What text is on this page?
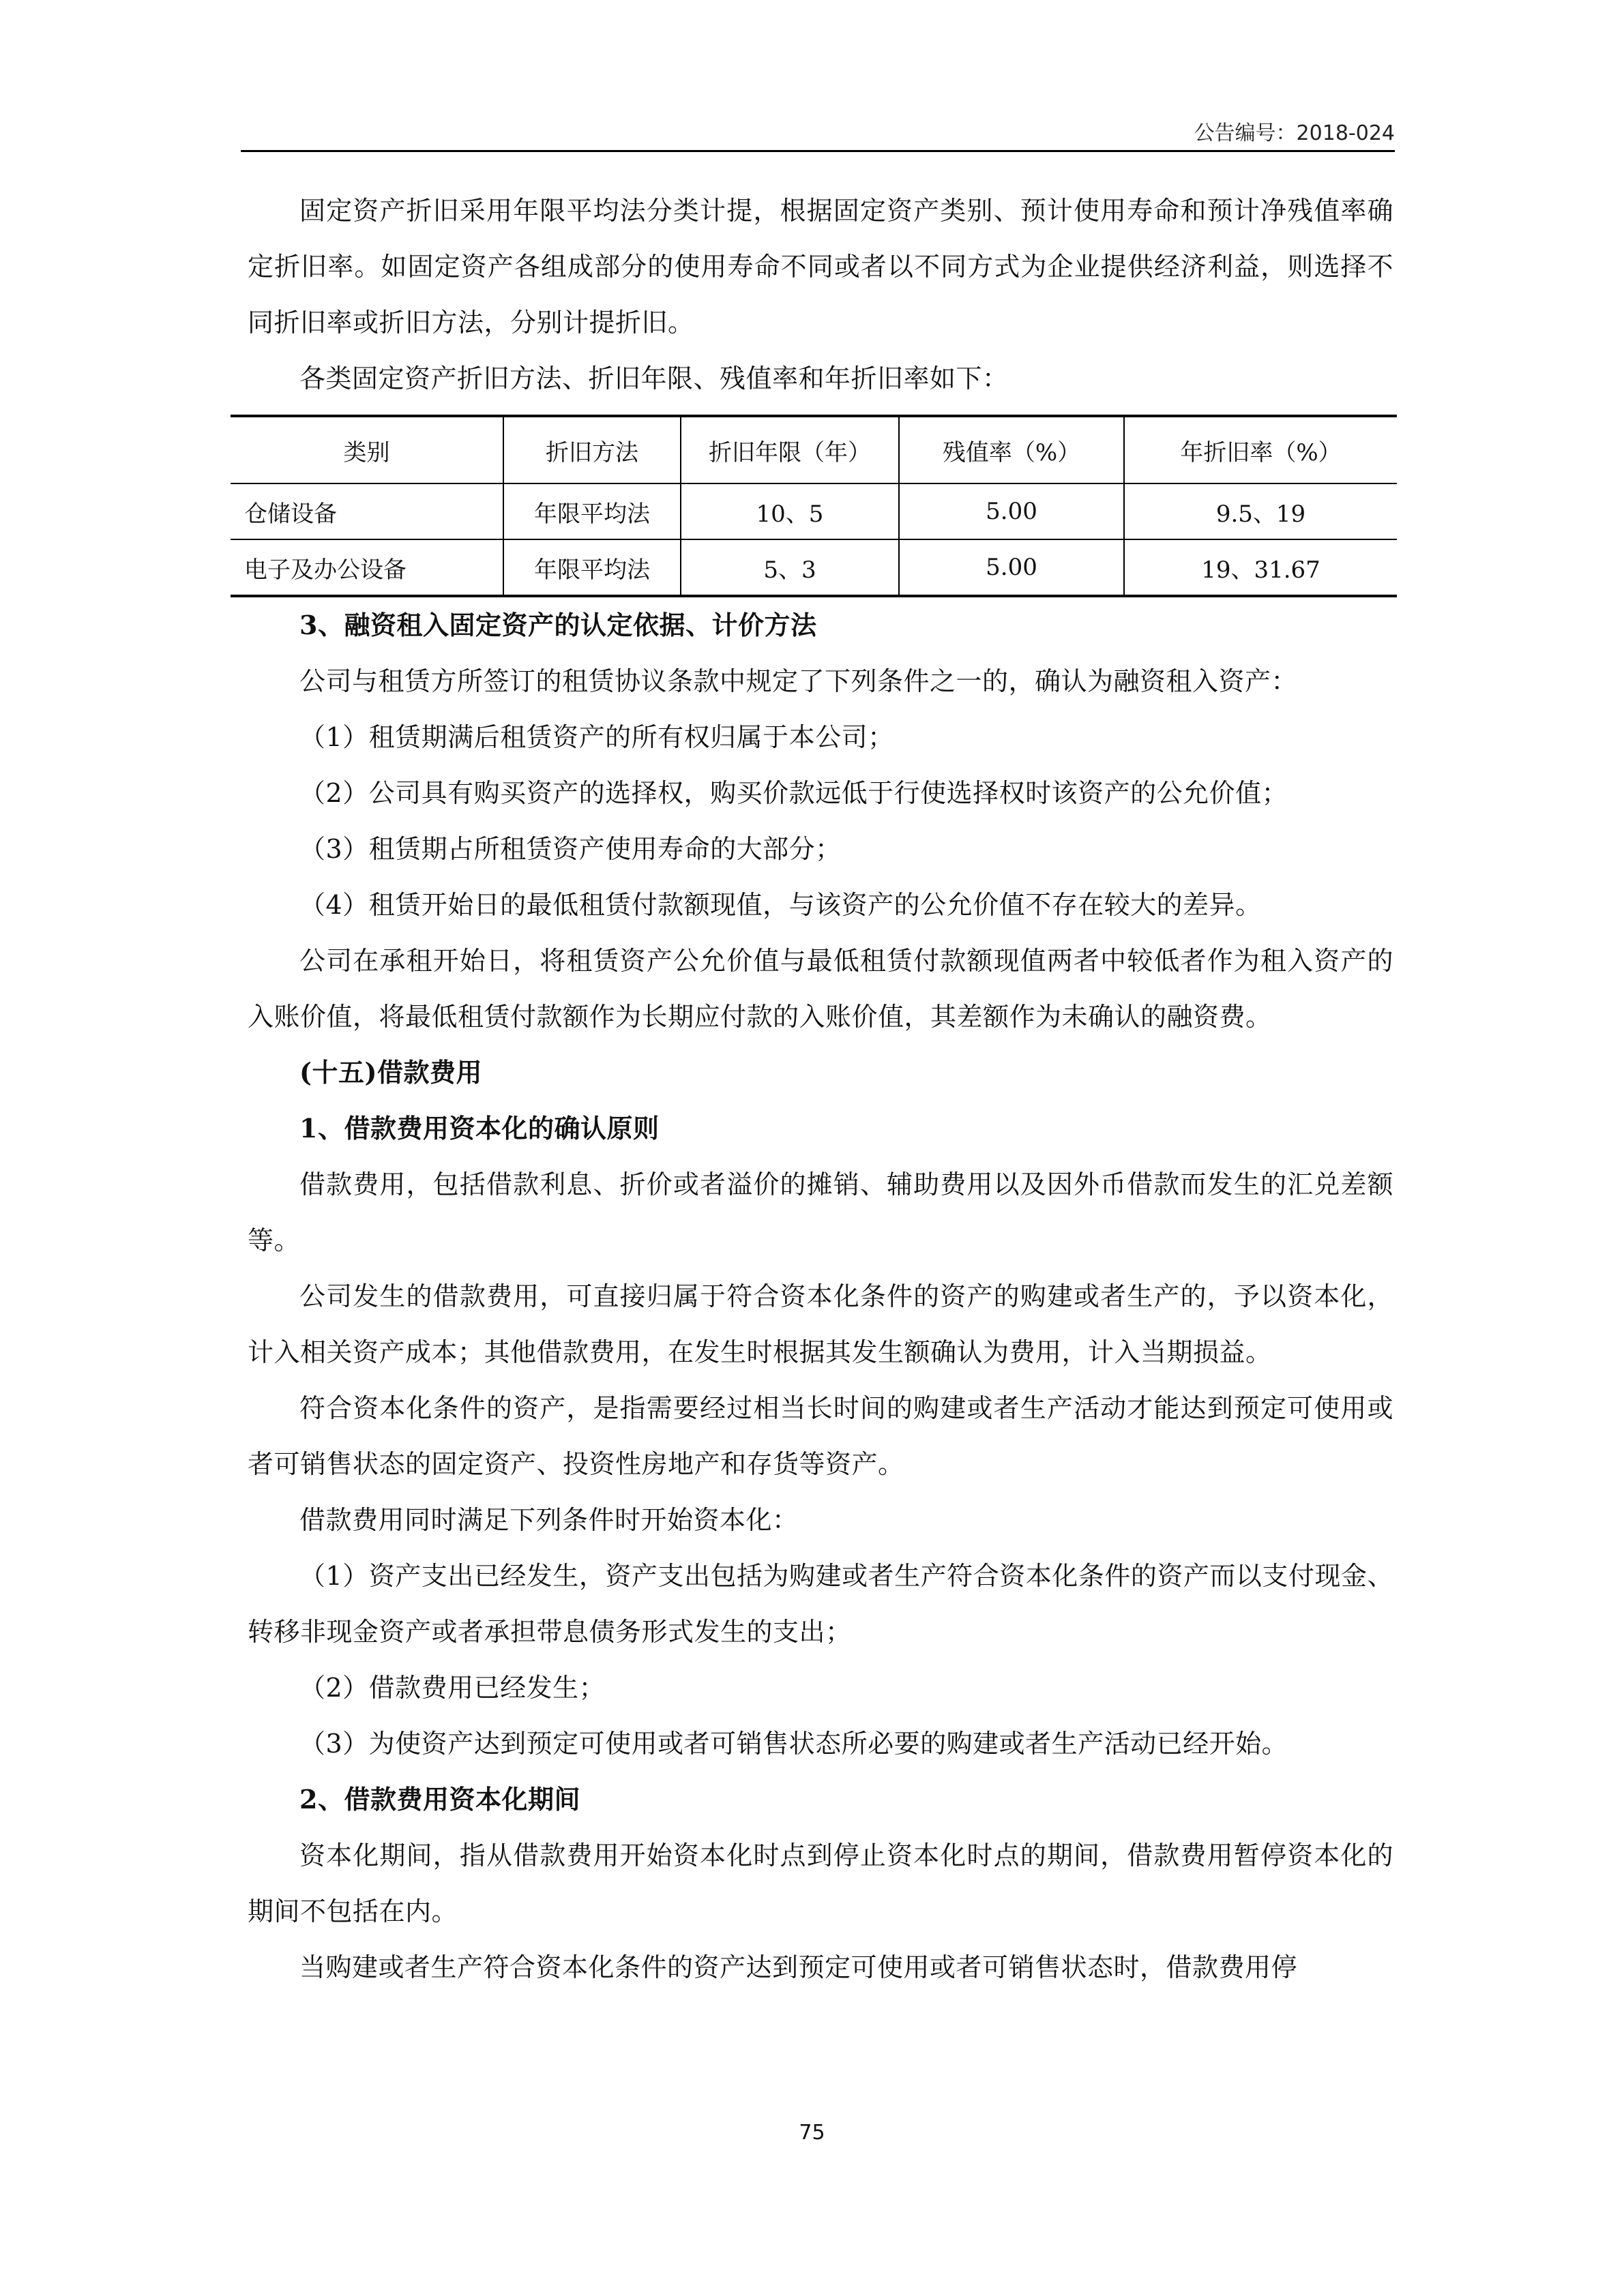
公告编号：2018-024

固定资产折旧采用年限平均法分类计提，根据固定资产类别、预计使用寿命和预计净残值率确定折旧率。如固定资产各组成部分的使用寿命不同或者以不同方式为企业提供经济利益，则选择不同折旧率或折旧方法，分别计提折旧。

各类固定资产折旧方法、折旧年限、残值率和年折旧率如下：

类别	折旧方法	折旧年限（年）	残值率（%）	年折旧率（%）
仓储设备	年限平均法	10、5	5.00	9.5、19
电子及办公设备	年限平均法	5、3	5.00	19、31.67

3、融资租入固定资产的认定依据、计价方法

公司与租赁方所签订的租赁协议条款中规定了下列条件之一的，确认为融资租入资产：

（1）租赁期满后租赁资产的所有权归属于本公司；

（2）公司具有购买资产的选择权，购买价款远低于行使选择权时该资产的公允价值；

（3）租赁期占所租赁资产使用寿命的大部分；

（4）租赁开始日的最低租赁付款额现值，与该资产的公允价值不存在较大的差异。

公司在承租开始日，将租赁资产公允价值与最低租赁付款额现值两者中较低者作为租入资产的入账价值，将最低租赁付款额作为长期应付款的入账价值，其差额作为未确认的融资费。

(十五)借款费用

1、借款费用资本化的确认原则

借款费用，包括借款利息、折价或者溢价的摊销、辅助费用以及因外币借款而发生的汇兑差额等。

公司发生的借款费用，可直接归属于符合资本化条件的资产的购建或者生产的，予以资本化，计入相关资产成本；其他借款费用，在发生时根据其发生额确认为费用，计入当期损益。

符合资本化条件的资产，是指需要经过相当长时间的购建或者生产活动才能达到预定可使用或者可销售状态的固定资产、投资性房地产和存货等资产。

借款费用同时满足下列条件时开始资本化：

（1）资产支出已经发生，资产支出包括为购建或者生产符合资本化条件的资产而以支付现金、转移非现金资产或者承担带息债务形式发生的支出；

（2）借款费用已经发生；

（3）为使资产达到预定可使用或者可销售状态所必要的购建或者生产活动已经开始。

2、借款费用资本化期间

资本化期间，指从借款费用开始资本化时点到停止资本化时点的期间，借款费用暂停资本化的期间不包括在内。

当购建或者生产符合资本化条件的资产达到预定可使用或者可销售状态时，借款费用停

75
